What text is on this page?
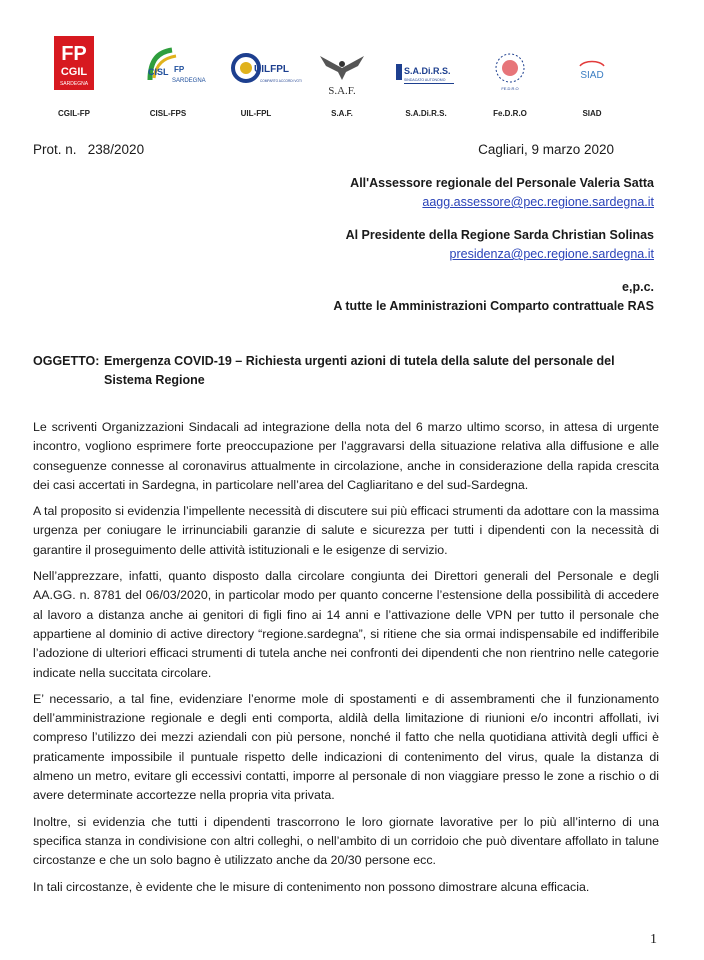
FP
CGIL
SARDEGNA
CGIL-FP
CISL FP
SARDEGNA
CISL-FPS
UILFPL
COMPARTO ACCORDI VOTI
UIL-FPL
S.A.F.
S.A.F.
S.A.Di.R.S.
SINDACATO AUTONOMO
S.A.Di.R.S.
FE.D.R.O
Fe.D.R.O
SIAD
SIAD
Prot. n.   238/2020	Cagliari, 9 marzo 2020
All'Assessore regionale del Personale Valeria Satta
aagg.assessore@pec.regione.sardegna.it
Al Presidente della Regione Sarda Christian Solinas
presidenza@pec.regione.sardegna.it
e,p.c.
A tutte le Amministrazioni Comparto contrattuale RAS
OGGETTO: Emergenza COVID-19 – Richiesta urgenti azioni di tutela della salute del personale del
Sistema Regione

Le scriventi Organizzazioni Sindacali ad integrazione della nota del 6 marzo ultimo scorso, in attesa di urgente incontro, vogliono esprimere forte preoccupazione per l’aggravarsi della situazione relativa alla diffusione e alle conseguenze connesse al coronavirus attualmente in circolazione, anche in considerazione della rapida crescita dei casi accertati in Sardegna, in particolare nell’area del Cagliaritano e del sud-Sardegna.

A tal proposito si evidenzia l’impellente necessità di discutere sui più efficaci strumenti da adottare con la massima urgenza per coniugare le irrinunciabili garanzie di salute e sicurezza per tutti i dipendenti con la necessità di garantire il proseguimento delle attività istituzionali e le esigenze di servizio.

Nell’apprezzare, infatti, quanto disposto dalla circolare congiunta dei Direttori generali del Personale e degli AA.GG. n. 8781 del 06/03/2020, in particolar modo per quanto concerne l’estensione della possibilità di accedere al lavoro a distanza anche ai genitori di figli fino ai 14 anni e l’attivazione delle VPN per tutto il personale che appartiene al dominio di active directory “regione.sardegna”, si ritiene che sia ormai indispensabile ed indifferibile l’adozione di ulteriori efficaci strumenti di tutela anche nei confronti dei dipendenti che non rientrino nelle categorie indicate nella succitata circolare.

E’ necessario, a tal fine, evidenziare l’enorme mole di spostamenti e di assembramenti che il funzionamento dell’amministrazione regionale e degli enti comporta, aldilà della limitazione di riunioni e/o incontri affollati, ivi compreso l’utilizzo dei mezzi aziendali con più persone, nonché il fatto che nella quotidiana attività degli uffici è praticamente impossibile il puntuale rispetto delle indicazioni di contenimento del virus, quale la distanza di almeno un metro, evitare gli eccessivi contatti, imporre al personale di non viaggiare presso le zone a rischio o di avere determinate accortezze nella propria vita privata.

Inoltre, si evidenzia che tutti i dipendenti trascorrono le loro giornate lavorative per lo più all’interno di una specifica stanza in condivisione con altri colleghi, o nell’ambito di un corridoio che può diventare affollato in talune circostanze e che un solo bagno è utilizzato anche da 20/30 persone ecc.

In tali circostanze, è evidente che le misure di contenimento non possono dimostrare alcuna efficacia.

1
